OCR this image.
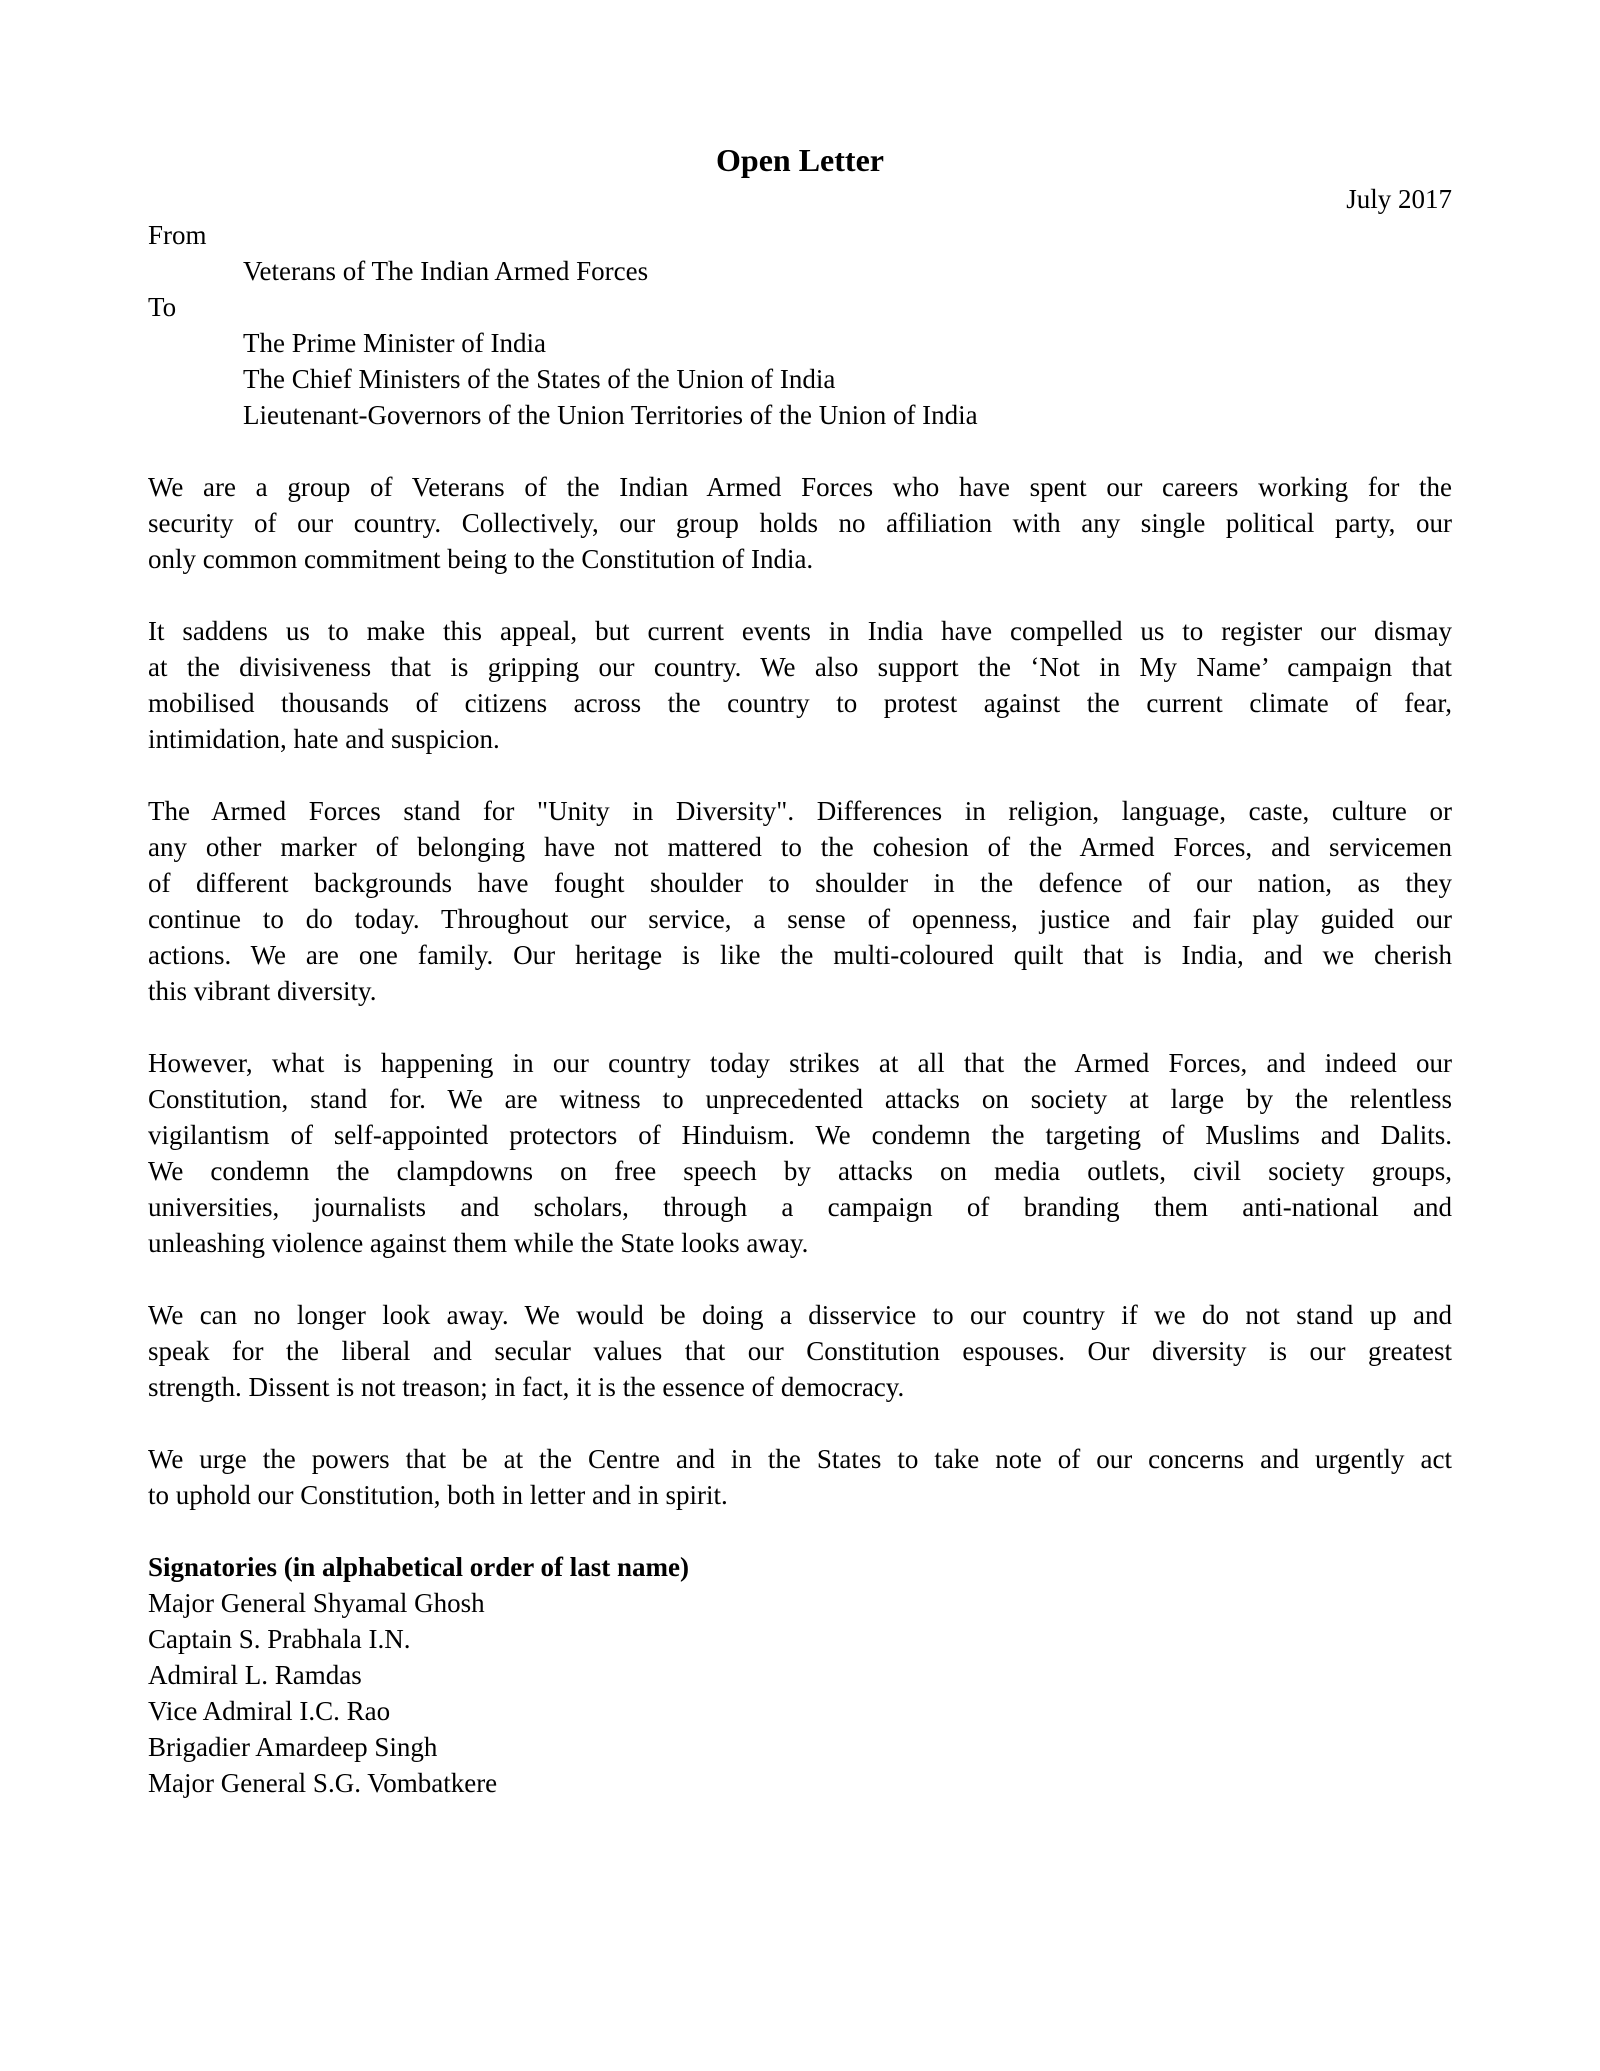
Open Letter
July 2017
From
Veterans of The Indian Armed Forces
To
The Prime Minister of India
The Chief Ministers of the States of the Union of India
Lieutenant-Governors of the Union Territories of the Union of India
We are a group of Veterans of the Indian Armed Forces who have spent our careers working for the
security of our country. Collectively, our group holds no affiliation with any single political party, our
only common commitment being to the Constitution of India.
It saddens us to make this appeal, but current events in India have compelled us to register our dismay
at the divisiveness that is gripping our country. We also support the ‘Not in My Name’ campaign that
mobilised thousands of citizens across the country to protest against the current climate of fear,
intimidation, hate and suspicion.
The Armed Forces stand for "Unity in Diversity". Differences in religion, language, caste, culture or
any other marker of belonging have not mattered to the cohesion of the Armed Forces, and servicemen
of different backgrounds have fought shoulder to shoulder in the defence of our nation, as they
continue to do today. Throughout our service, a sense of openness, justice and fair play guided our
actions. We are one family. Our heritage is like the multi-coloured quilt that is India, and we cherish
this vibrant diversity.
However, what is happening in our country today strikes at all that the Armed Forces, and indeed our
Constitution, stand for. We are witness to unprecedented attacks on society at large by the relentless
vigilantism of self-appointed protectors of Hinduism. We condemn the targeting of Muslims and Dalits.
We condemn the clampdowns on free speech by attacks on media outlets, civil society groups,
universities, journalists and scholars, through a campaign of branding them anti-national and
unleashing violence against them while the State looks away.
We can no longer look away. We would be doing a disservice to our country if we do not stand up and
speak for the liberal and secular values that our Constitution espouses. Our diversity is our greatest
strength. Dissent is not treason; in fact, it is the essence of democracy.
We urge the powers that be at the Centre and in the States to take note of our concerns and urgently act
to uphold our Constitution, both in letter and in spirit.
Signatories (in alphabetical order of last name)
Major General Shyamal Ghosh
Captain S. Prabhala I.N.
Admiral L. Ramdas
Vice Admiral I.C. Rao
Brigadier Amardeep Singh
Major General S.G. Vombatkere
